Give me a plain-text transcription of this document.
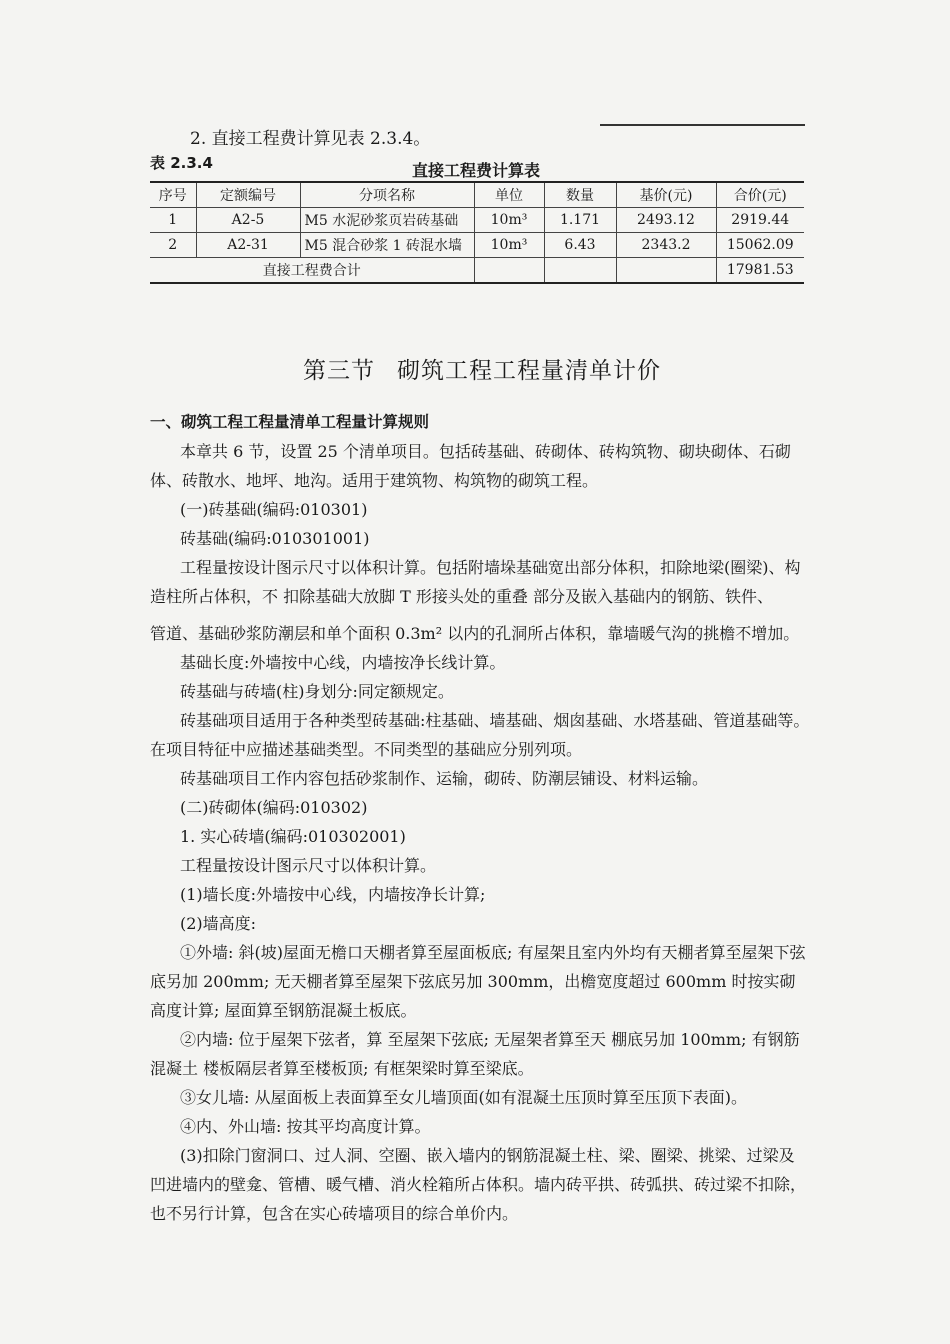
2. 直接工程费计算见表 2.3.4。
表 2.3.4	直接工程费计算表
序号	定额编号	分项名称	单位	数量	基价(元)	合价(元)
1	A2-5	M5 水泥砂浆页岩砖基础	10m³	1.171	2493.12	2919.44
2	A2-31	M5 混合砂浆 1 砖混水墙	10m³	6.43	2343.2	15062.09
直接工程费合计						17981.53
第三节 砌筑工程工程量清单计价

一、砌筑工程工程量清单工程量计算规则

本章共 6 节，设置 25 个清单项目。包括砖基础、砖砌体、砖构筑物、砌块砌体、石砌体、砖散水、地坪、地沟。适用于建筑物、构筑物的砌筑工程。

(一)砖基础(编码:010301)

砖基础(编码:010301001)

工程量按设计图示尺寸以体积计算。包括附墙垛基础宽出部分体积，扣除地梁(圈梁)、构造柱所占体积，不 扣除基础大放脚 T 形接头处的重叠 部分及嵌入基础内的钢筋、铁件、

管道、基础砂浆防潮层和单个面积 0.3m² 以内的孔洞所占体积，靠墙暖气沟的挑檐不增加。

基础长度:外墙按中心线，内墙按净长线计算。

砖基础与砖墙(柱)身划分:同定额规定。

砖基础项目适用于各种类型砖基础:柱基础、墙基础、烟囱基础、水塔基础、管道基础等。在项目特征中应描述基础类型。不同类型的基础应分别列项。

砖基础项目工作内容包括砂浆制作、运输，砌砖、防潮层铺设、材料运输。

(二)砖砌体(编码:010302)

1. 实心砖墙(编码:010302001)

工程量按设计图示尺寸以体积计算。

(1)墙长度:外墙按中心线，内墙按净长计算;

(2)墙高度:

①外墙: 斜(坡)屋面无檐口天棚者算至屋面板底; 有屋架且室内外均有天棚者算至屋架下弦底另加 200mm; 无天棚者算至屋架下弦底另加 300mm，出檐宽度超过 600mm 时按实砌高度计算; 屋面算至钢筋混凝土板底。

②内墙: 位于屋架下弦者，算 至屋架下弦底; 无屋架者算至天 棚底另加 100mm; 有钢筋混凝土 楼板隔层者算至楼板顶; 有框架梁时算至梁底。

③女儿墙: 从屋面板上表面算至女儿墙顶面(如有混凝土压顶时算至压顶下表面)。

④内、外山墙: 按其平均高度计算。

(3)扣除门窗洞口、过人洞、空圈、嵌入墙内的钢筋混凝土柱、梁、圈梁、挑梁、过梁及凹进墙内的壁龛、管槽、暖气槽、消火栓箱所占体积。墙内砖平拱、砖弧拱、砖过梁不扣除，也不另行计算，包含在实心砖墙项目的综合单价内。
